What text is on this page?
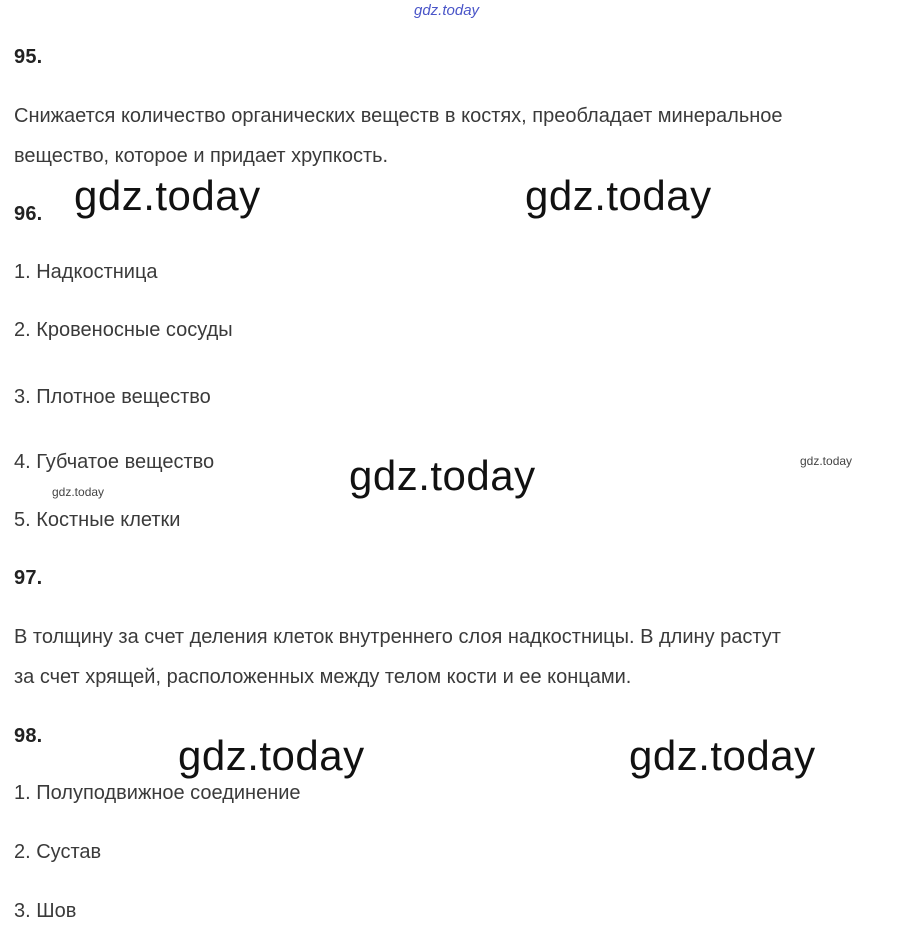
gdz.today
95.
Снижается количество органических веществ в костях, преобладает минеральное
вещество, которое и придает хрупкость.
96. gdz.today	gdz.today
1. Надкостница
2. Кровеносные сосуды
3. Плотное вещество
4. Губчатое вещество	gdz.today	gdz.today
gdz.today
5. Костные клетки
97.
В толщину за счет деления клеток внутреннего слоя надкостницы. В длину растут
за счет хрящей, расположенных между телом кости и ее концами.
98.	gdz.today	gdz.today
1. Полуподвижное соединение
2. Сустав
3. Шов
